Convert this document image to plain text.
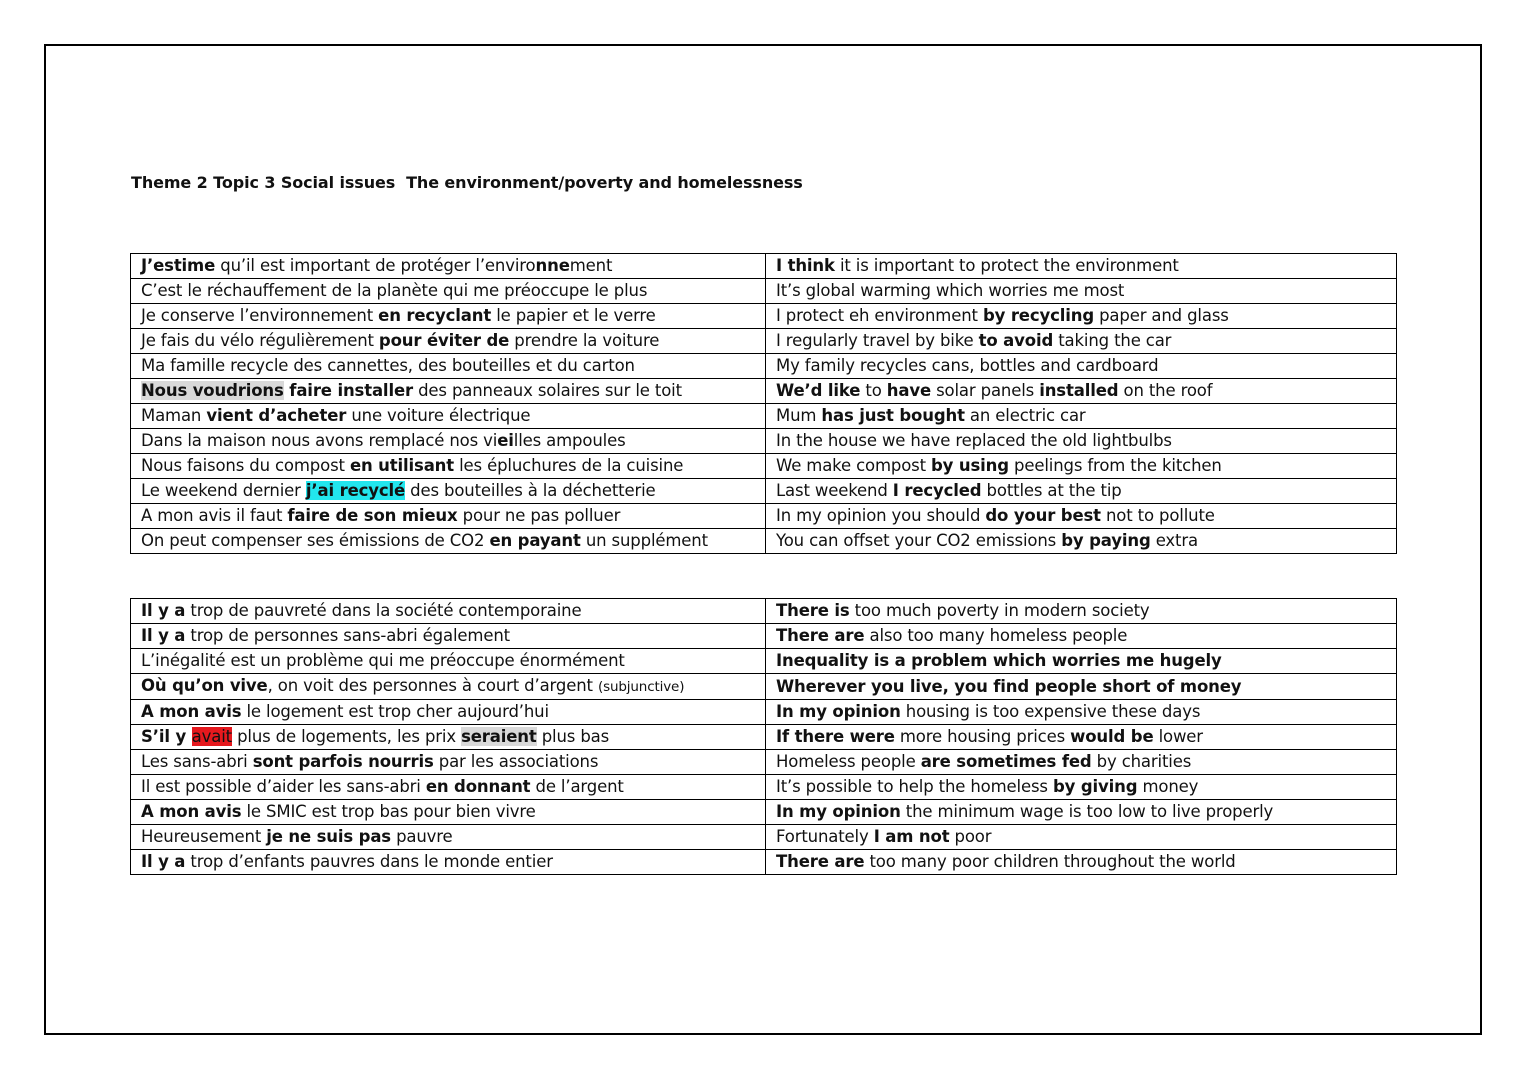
Theme 2 Topic 3 Social issues  The environment/poverty and homelessness
J’estime qu’il est important de protéger l’environnement	I think it is important to protect the environment
C’est le réchauffement de la planète qui me préoccupe le plus	It’s global warming which worries me most
Je conserve l’environnement en recyclant le papier et le verre	I protect eh environment by recycling paper and glass
Je fais du vélo régulièrement pour éviter de prendre la voiture	I regularly travel by bike to avoid taking the car
Ma famille recycle des cannettes, des bouteilles et du carton	My family recycles cans, bottles and cardboard
Nous voudrions faire installer des panneaux solaires sur le toit	We’d like to have solar panels installed on the roof
Maman vient d’acheter une voiture électrique	Mum has just bought an electric car
Dans la maison nous avons remplacé nos vieilles ampoules	In the house we have replaced the old lightbulbs
Nous faisons du compost en utilisant les épluchures de la cuisine	We make compost by using peelings from the kitchen
Le weekend dernier j’ai recyclé des bouteilles à la déchetterie	Last weekend I recycled bottles at the tip
A mon avis il faut faire de son mieux pour ne pas polluer	In my opinion you should do your best not to pollute
On peut compenser ses émissions de CO2 en payant un supplément	You can offset your CO2 emissions by paying extra
Il y a trop de pauvreté dans la société contemporaine	There is too much poverty in modern society
Il y a trop de personnes sans-abri également	There are also too many homeless people
L’inégalité est un problème qui me préoccupe énormément	Inequality is a problem which worries me hugely
Où qu’on vive, on voit des personnes à court d’argent (subjunctive)	Wherever you live, you find people short of money
A mon avis le logement est trop cher aujourd’hui	In my opinion housing is too expensive these days
S’il y avait plus de logements, les prix seraient plus bas	If there were more housing prices would be lower
Les sans-abri sont parfois nourris par les associations	Homeless people are sometimes fed by charities
Il est possible d’aider les sans-abri en donnant de l’argent	It’s possible to help the homeless by giving money
A mon avis le SMIC est trop bas pour bien vivre	In my opinion the minimum wage is too low to live properly
Heureusement je ne suis pas pauvre	Fortunately I am not poor
Il y a trop d’enfants pauvres dans le monde entier	There are too many poor children throughout the world
